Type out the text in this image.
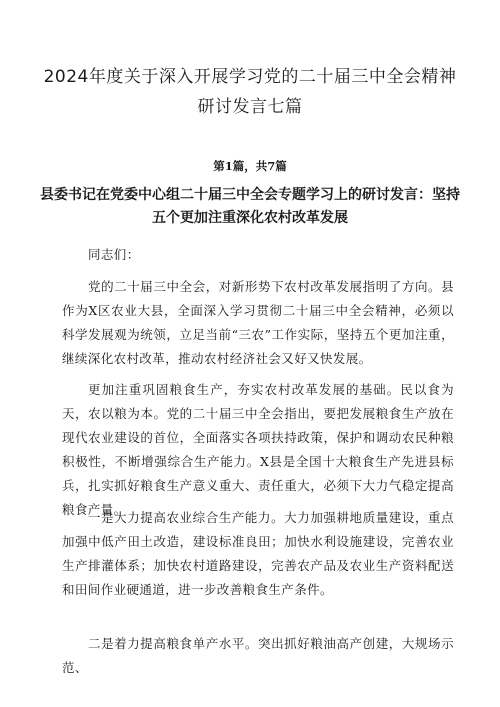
2024年度关于深入开展学习党的二十届三中全会精神研讨发言七篇
第1篇，共7篇
县委书记在党委中心组二十届三中全会专题学习上的研讨发言：坚持五个更加注重深化农村改革发展

同志们：

党的二十届三中全会，对新形势下农村改革发展指明了方向。县作为X区农业大县，全面深入学习贯彻二十届三中全会精神，必须以科学发展观为统领，立足当前“三农”工作实际，坚持五个更加注重，继续深化农村改革，推动农村经济社会又好又快发展。

更加注重巩固粮食生产，夯实农村改革发展的基础。民以食为天，农以粮为本。党的二十届三中全会指出，要把发展粮食生产放在现代农业建设的首位，全面落实各项扶持政策，保护和调动农民种粮积极性，不断增强综合生产能力。X县是全国十大粮食生产先进县标兵，扎实抓好粮食生产意义重大、责任重大，必须下大力气稳定提高粮食产量。

一是大力提高农业综合生产能力。大力加强耕地质量建设，重点加强中低产田土改造，建设标准良田；加快水利设施建设，完善农业生产排灌体系；加快农村道路建设，完善农产品及农业生产资料配送和田间作业硬通道，进一步改善粮食生产条件。

二是着力提高粮食单产水平。突出抓好粮油高产创建，大规场示范、
